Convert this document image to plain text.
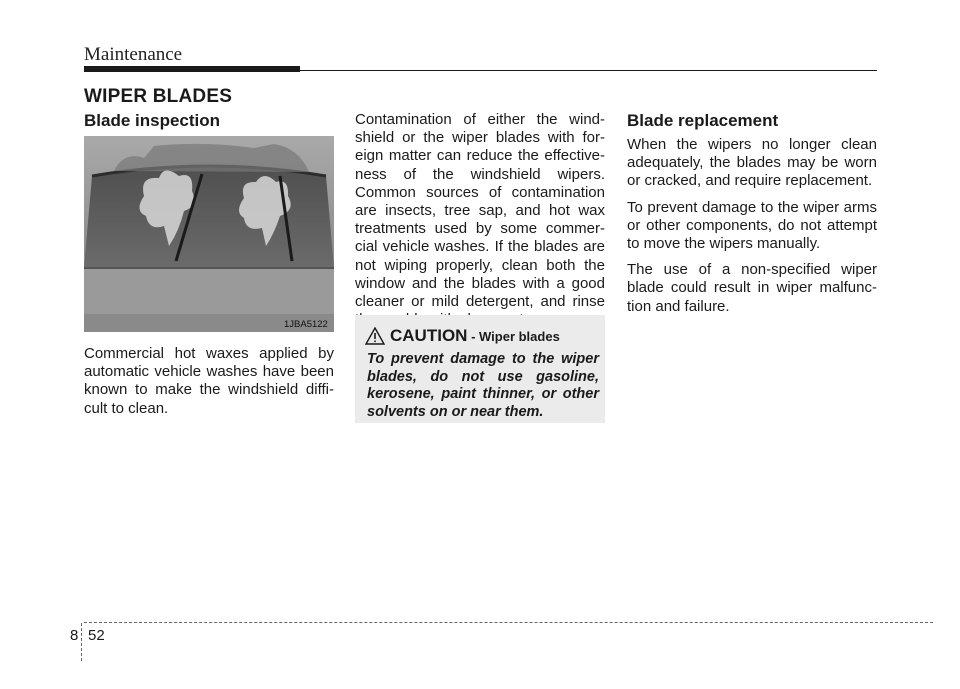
Maintenance
WIPER BLADES
Blade inspection
1JBA5122
Commercial hot waxes applied by automatic vehicle washes have been known to make the windshield diffi- cult to clean.
Contamination of either the wind- shield or the wiper blades with for- eign matter can reduce the effective- ness of the windshield wipers. Common sources of contamination are insects, tree sap, and hot wax treatments used by some commer- cial vehicle washes. If the blades are not wiping properly, clean both the window and the blades with a good cleaner or mild detergent, and rinse
CAUTION - Wiper blades
To prevent damage to the wiper blades, do not use gasoline, kerosene, paint thinner, or other solvents on or near them.
Blade replacement

When the wipers no longer clean adequately, the blades may be worn or cracked, and require replacement.

To prevent damage to the wiper arms or other components, do not attempt to move the wipers manually.

The use of a non-specified wiper blade could result in wiper malfunc- tion and failure.

8 52
